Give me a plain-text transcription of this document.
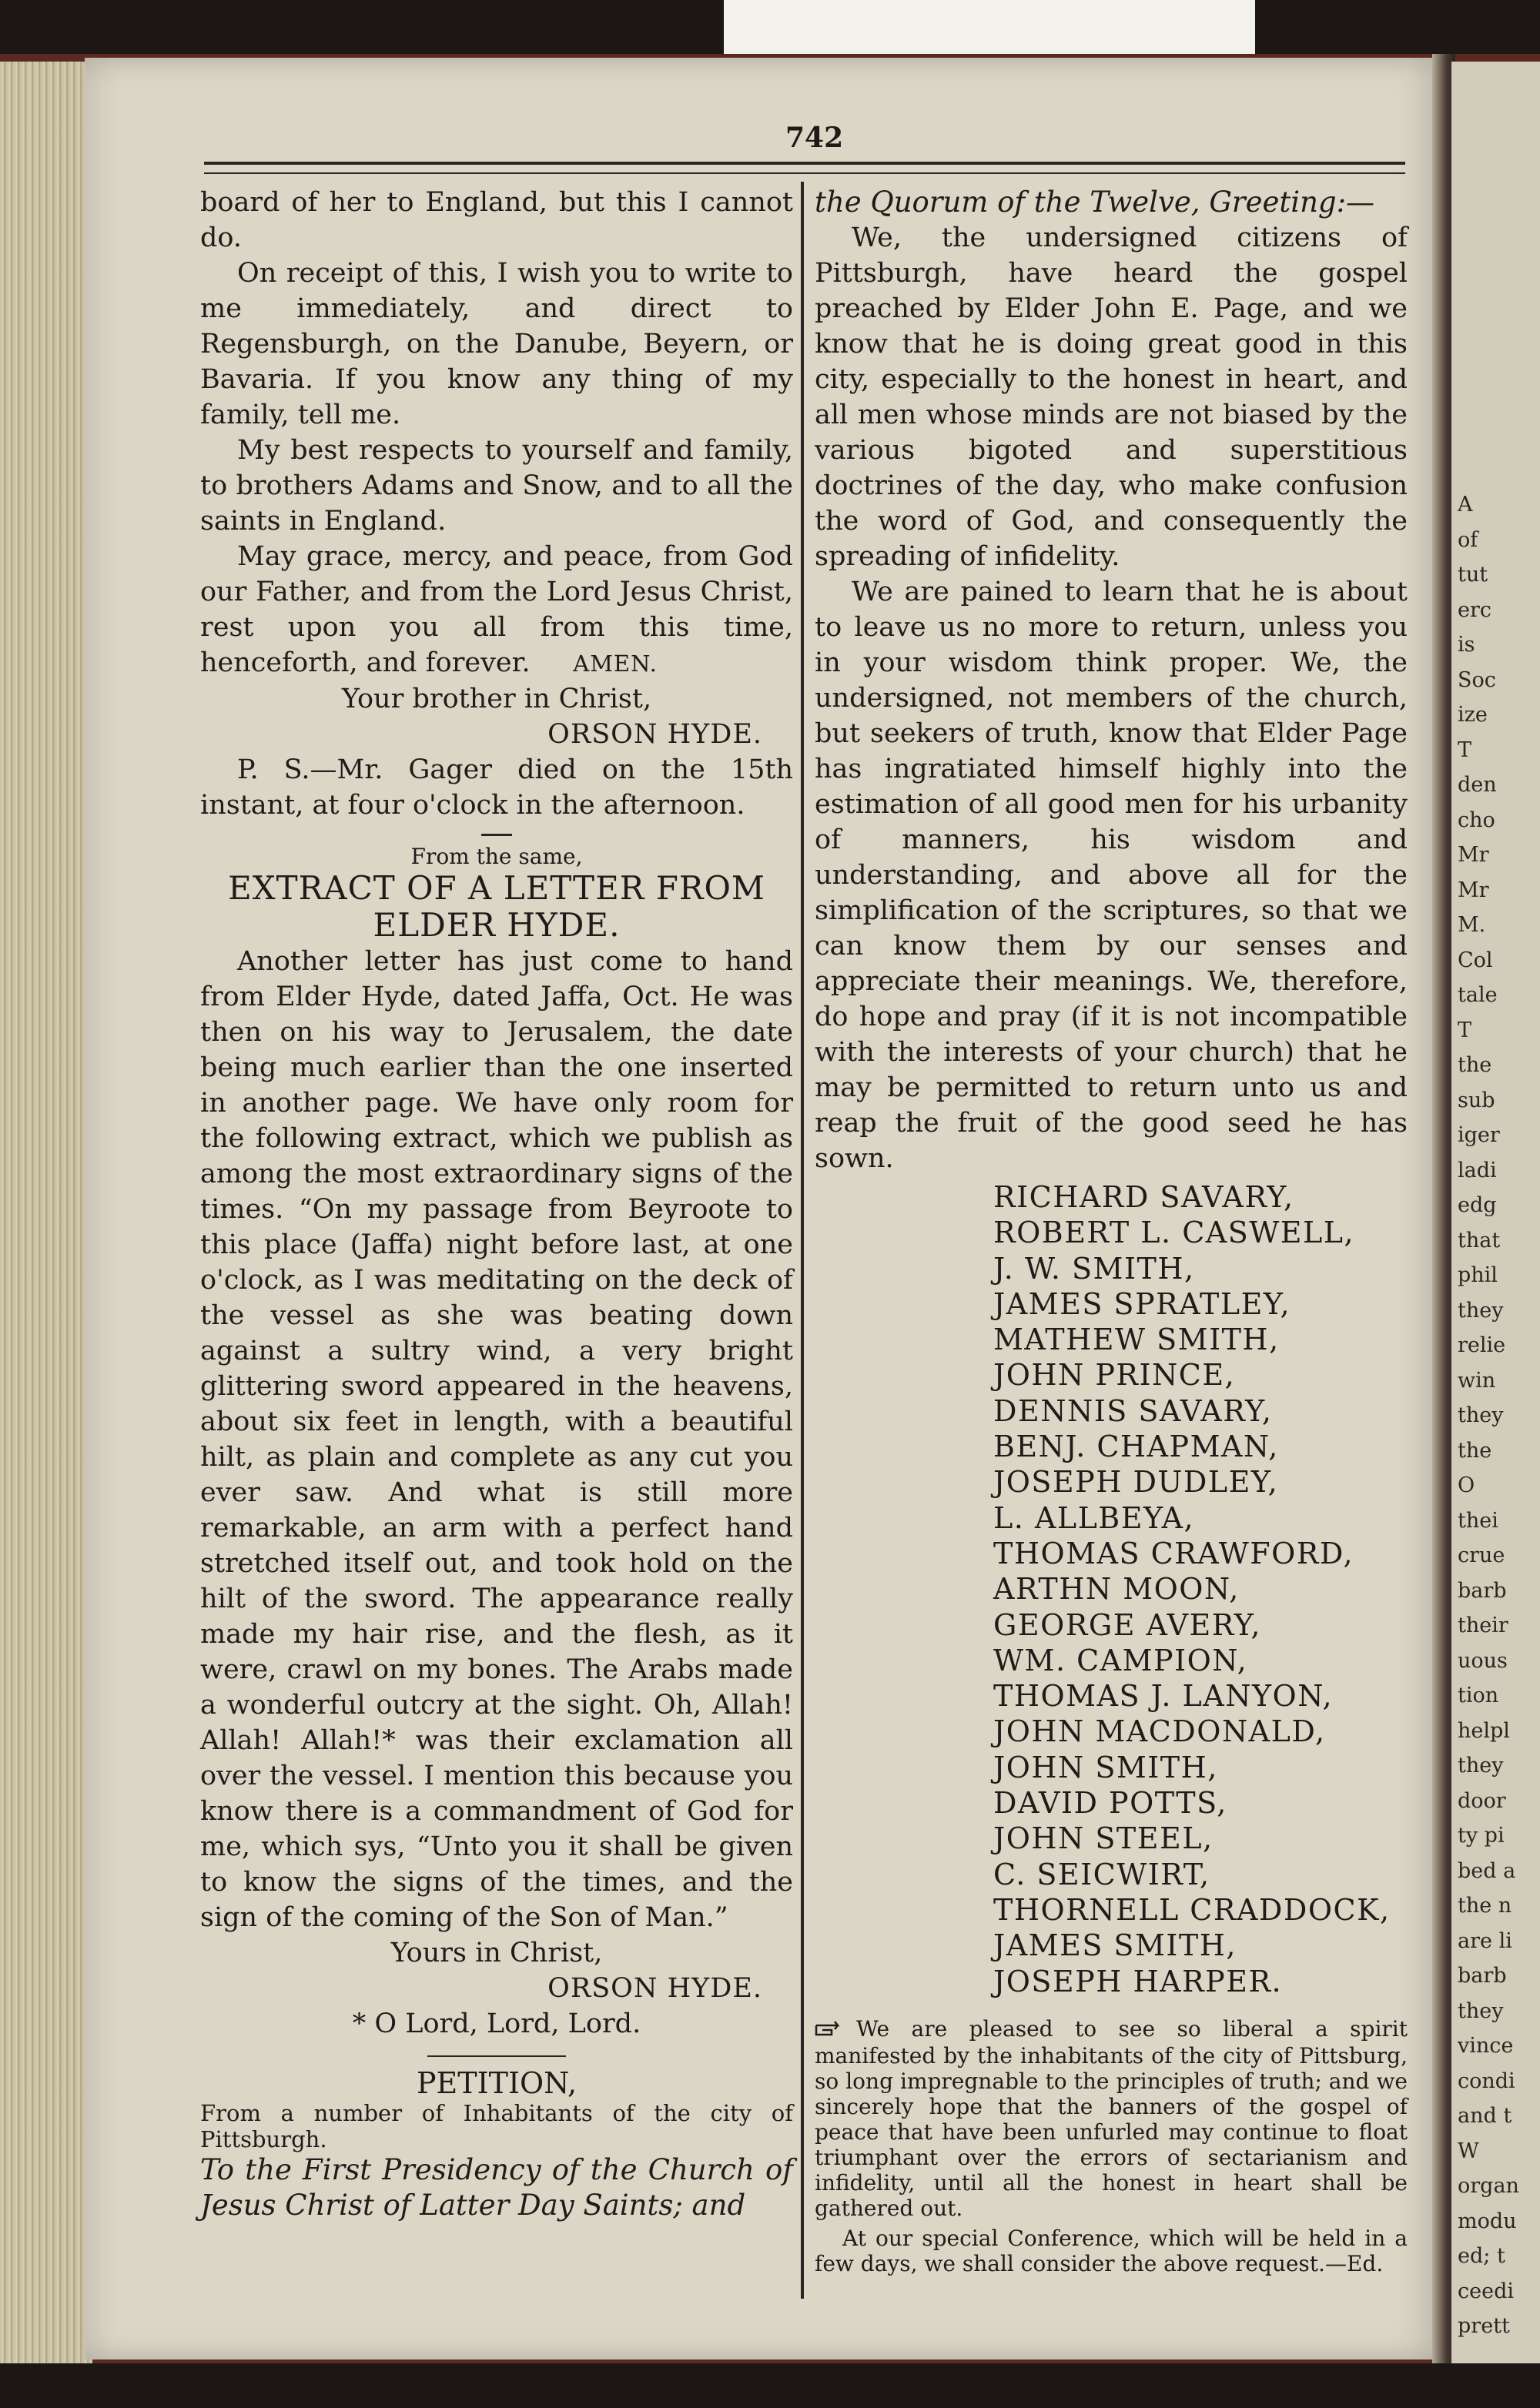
A
of
tut
erc
is
Soc
ize
T
den
cho
Mr
Mr
M.
Col
tale
T
the
sub
iger
ladi
edg
that
phil
they
relie
win
they
the
O
thei
crue
barb
their
uous
tion
helpl
they
door
ty pi
bed a
the n
are li
barb
they
vince
condi
and t
W
organ
modu
ed; t
ceedi
prett
742

board of her to England, but this I cannot do.

On receipt of this, I wish you to write to me immediately, and direct to Regensburgh, on the Danube, Beyern, or Bavaria. If you know any thing of my family, tell me.

My best respects to yourself and family, to brothers Adams and Snow, and to all the saints in England.

May grace, mercy, and peace, from God our Father, and from the Lord Jesus Christ, rest upon you all from this time, henceforth, and forever. AMEN.

Your brother in Christ,

ORSON HYDE.

P. S.—Mr. Gager died on the 15th instant, at four o'clock in the afternoon.

From the same,

EXTRACT OF A LETTER FROM ELDER HYDE.

Another letter has just come to hand from Elder Hyde, dated Jaffa, Oct. He was then on his way to Jerusalem, the date being much earlier than the one inserted in another page. We have only room for the following extract, which we publish as among the most extraordinary signs of the times. “On my passage from Beyroote to this place (Jaffa) night before last, at one o'clock, as I was meditating on the deck of the vessel as she was beating down against a sultry wind, a very bright glittering sword appeared in the heavens, about six feet in length, with a beautiful hilt, as plain and complete as any cut you ever saw. And what is still more remarkable, an arm with a perfect hand stretched itself out, and took hold on the hilt of the sword. The appearance really made my hair rise, and the flesh, as it were, crawl on my bones. The Arabs made a wonderful outcry at the sight. Oh, Allah! Allah! Allah!* was their exclamation all over the vessel. I mention this because you know there is a commandment of God for me, which sys, “Unto you it shall be given to know the signs of the times, and the sign of the coming of the Son of Man.”

Yours in Christ,

ORSON HYDE.

* O Lord, Lord, Lord.

PETITION,

From a number of Inhabitants of the city of Pittsburgh.

To the First Presidency of the Church of Jesus Christ of Latter Day Saints; and

the Quorum of the Twelve, Greeting:—

We, the undersigned citizens of Pittsburgh, have heard the gospel preached by Elder John E. Page, and we know that he is doing great good in this city, especially to the honest in heart, and all men whose minds are not biased by the various bigoted and superstitious doctrines of the day, who make confusion the word of God, and consequently the spreading of infidelity.

We are pained to learn that he is about to leave us no more to return, unless you in your wisdom think proper. We, the undersigned, not members of the church, but seekers of truth, know that Elder Page has ingratiated himself highly into the estimation of all good men for his urbanity of manners, his wisdom and understanding, and above all for the simplification of the scriptures, so that we can know them by our senses and appreciate their meanings. We, therefore, do hope and pray (if it is not incompatible with the interests of your church) that he may be permitted to return unto us and reap the fruit of the good seed he has sown.

RICHARD SAVARY,
ROBERT L. CASWELL,
J. W. SMITH,
JAMES SPRATLEY,
MATHEW SMITH,
JOHN PRINCE,
DENNIS SAVARY,
BENJ. CHAPMAN,
JOSEPH DUDLEY,
L. ALLBEYA,
THOMAS CRAWFORD,
ARTHN MOON,
GEORGE AVERY,
WM. CAMPION,
THOMAS J. LANYON,
JOHN MACDONALD,
JOHN SMITH,
DAVID POTTS,
JOHN STEEL,
C. SEICWIRT,
THORNELL CRADDOCK,
JAMES SMITH,
JOSEPH HARPER.

We are pleased to see so liberal a spirit manifested by the inhabitants of the city of Pittsburg, so long impregnable to the principles of truth; and we sincerely hope that the banners of the gospel of peace that have been unfurled may continue to float triumphant over the errors of sectarianism and infidelity, until all the honest in heart shall be gathered out.

At our special Conference, which will be held in a few days, we shall consider the above request.—Ed.
